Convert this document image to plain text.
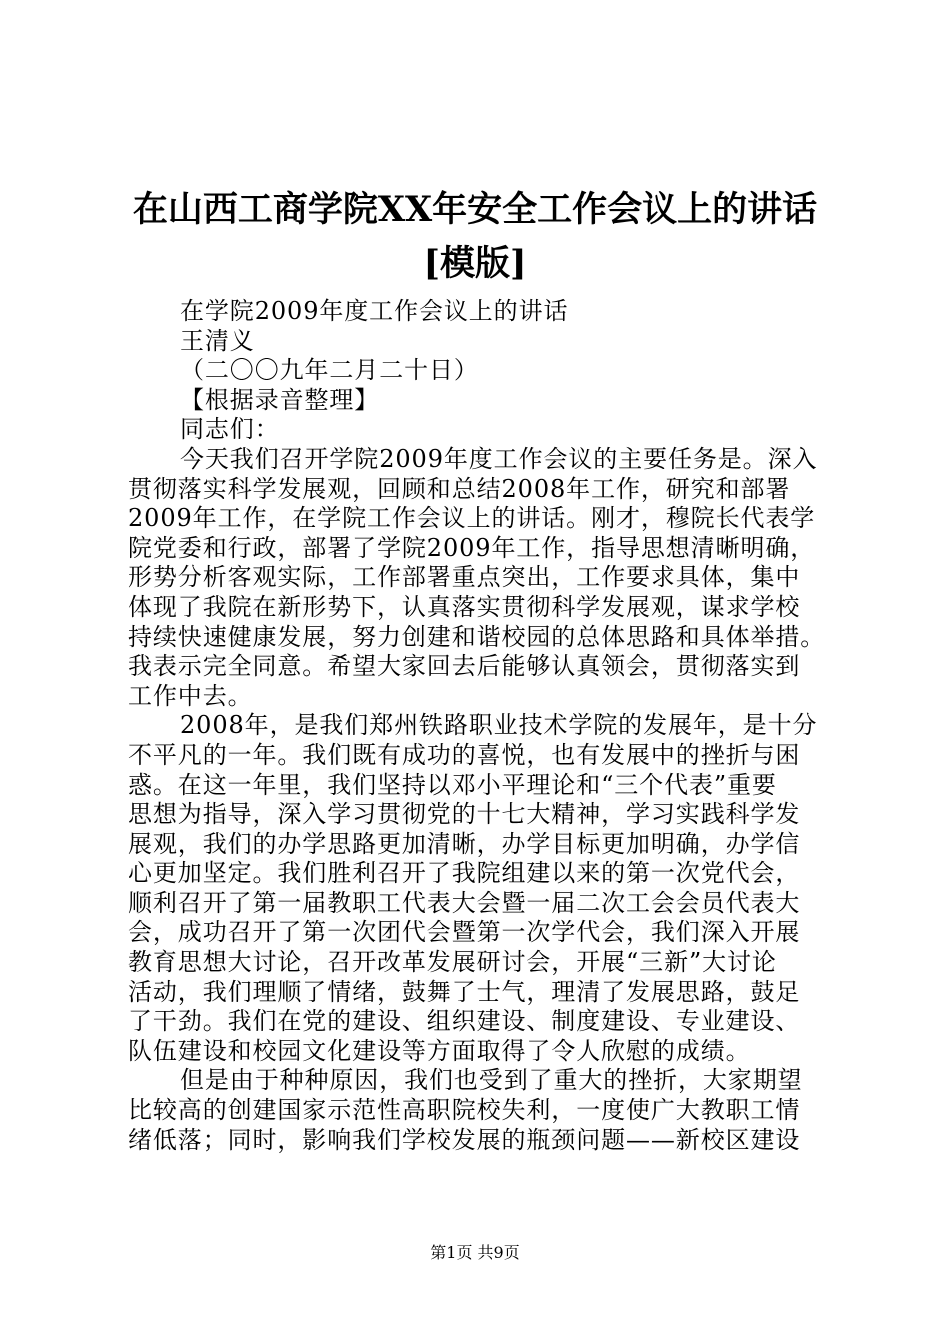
在山西工商学院XX年安全工作会议上的讲话
[模版]
在学院2009年度工作会议上的讲话
王清义
（二〇〇九年二月二十日）
【根据录音整理】
同志们：
今天我们召开学院2009年度工作会议的主要任务是。深入
贯彻落实科学发展观，回顾和总结2008年工作，研究和部署
2009年工作，在学院工作会议上的讲话。刚才，穆院长代表学
院党委和行政，部署了学院2009年工作，指导思想清晰明确，
形势分析客观实际，工作部署重点突出，工作要求具体，集中
体现了我院在新形势下，认真落实贯彻科学发展观，谋求学校
持续快速健康发展，努力创建和谐校园的总体思路和具体举措。
我表示完全同意。希望大家回去后能够认真领会，贯彻落实到
工作中去。
2008年，是我们郑州铁路职业技术学院的发展年，是十分
不平凡的一年。我们既有成功的喜悦，也有发展中的挫折与困
惑。在这一年里，我们坚持以邓小平理论和“三个代表”重要
思想为指导，深入学习贯彻党的十七大精神，学习实践科学发
展观，我们的办学思路更加清晰，办学目标更加明确，办学信
心更加坚定。我们胜利召开了我院组建以来的第一次党代会，
顺利召开了第一届教职工代表大会暨一届二次工会会员代表大
会，成功召开了第一次团代会暨第一次学代会，我们深入开展
教育思想大讨论，召开改革发展研讨会，开展“三新”大讨论
活动，我们理顺了情绪，鼓舞了士气，理清了发展思路，鼓足
了干劲。我们在党的建设、组织建设、制度建设、专业建设、
队伍建设和校园文化建设等方面取得了令人欣慰的成绩。
但是由于种种原因，我们也受到了重大的挫折，大家期望
比较高的创建国家示范性高职院校失利，一度使广大教职工情
绪低落；同时，影响我们学校发展的瓶颈问题——新校区建设
第1页 共9页
